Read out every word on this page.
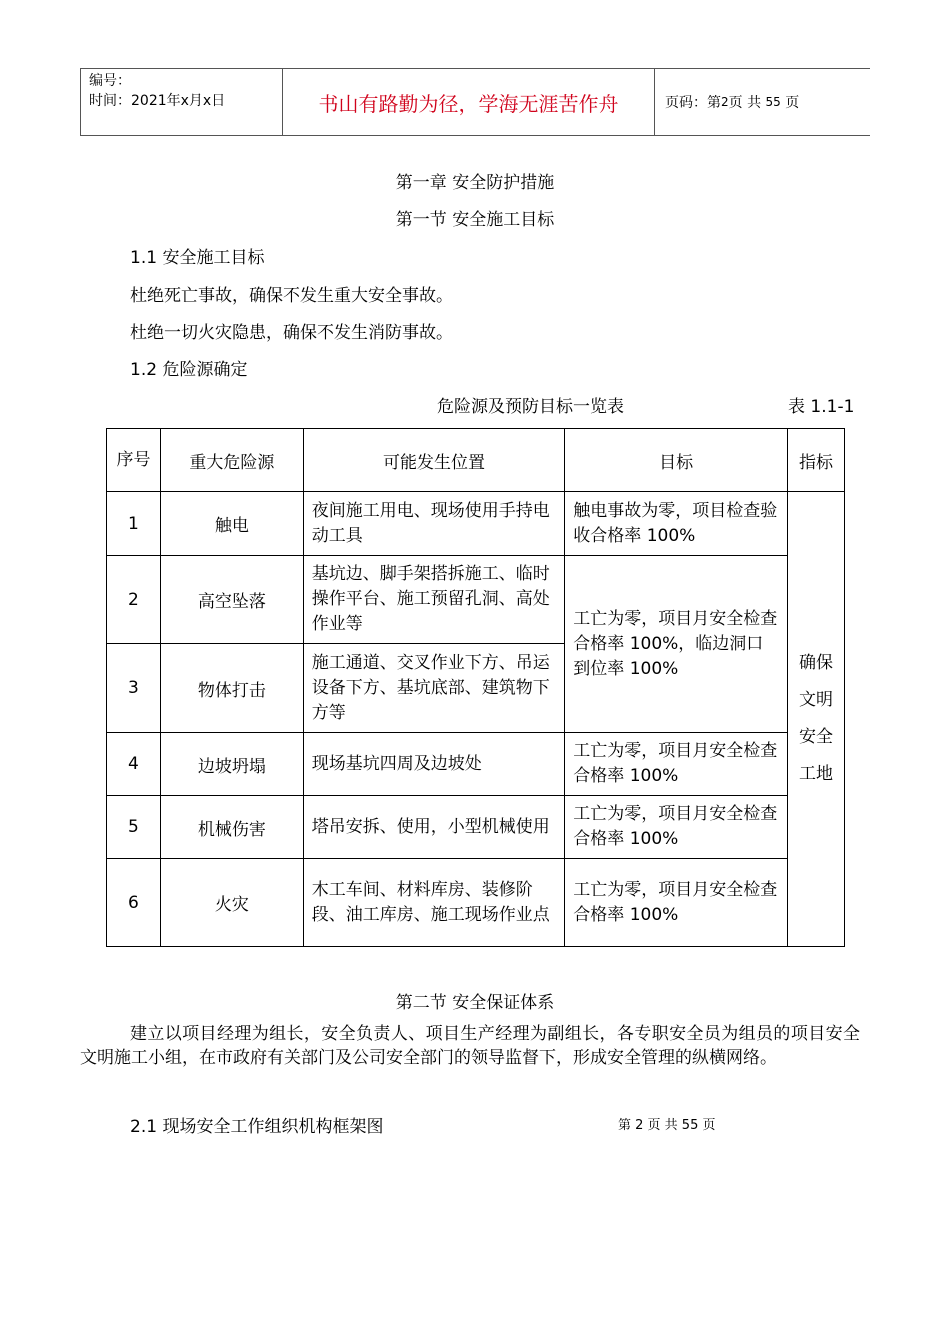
编号：
时间：2021年x月x日	书山有路勤为径，学海无涯苦作舟	页码：第 2 页 共
55
页
第一章 安全防护措施
第一节 安全施工目标
1.1 安全施工目标
杜绝死亡事故，确保不发生重大安全事故。
杜绝一切火灾隐患，确保不发生消防事故。
1.2 危险源确定
危险源及预防目标一览表	表 1.1-1
序号	重大危险源	可能发生位置	目标	指标
1	触电	夜间施工用电、现场使用手持电动工具	触电事故为零，项目检查验收合格率 100%	确保文明安全工地
2	高空坠落	基坑边、脚手架搭拆施工、临时操作平台、施工预留孔洞、高处作业等	工亡为零，项目月安全检查合格率 100%，临边洞口到位率 100%	
3	物体打击	施工通道、交叉作业下方、吊运设备下方、基坑底部、建筑物下方等		
4	边坡坍塌	现场基坑四周及边坡处	工亡为零，项目月安全检查合格率 100%	
5	机械伤害	塔吊安拆、使用，小型机械使用	工亡为零，项目月安全检查合格率 100%	
6	火灾	木工车间、材料库房、装修阶段、油工库房、施工现场作业点	工亡为零，项目月安全检查合格率 100%	
第二节 安全保证体系
建立以项目经理为组长，安全负责人、项目生产经理为副组长，各专职安全员为组员的项目安全文明施工小组，在市政府有关部门及公司安全部门的领导监督下，形成安全管理的纵横网络。
2.1 现场安全工作组织机构框架图	第 2 页 共 55 页
